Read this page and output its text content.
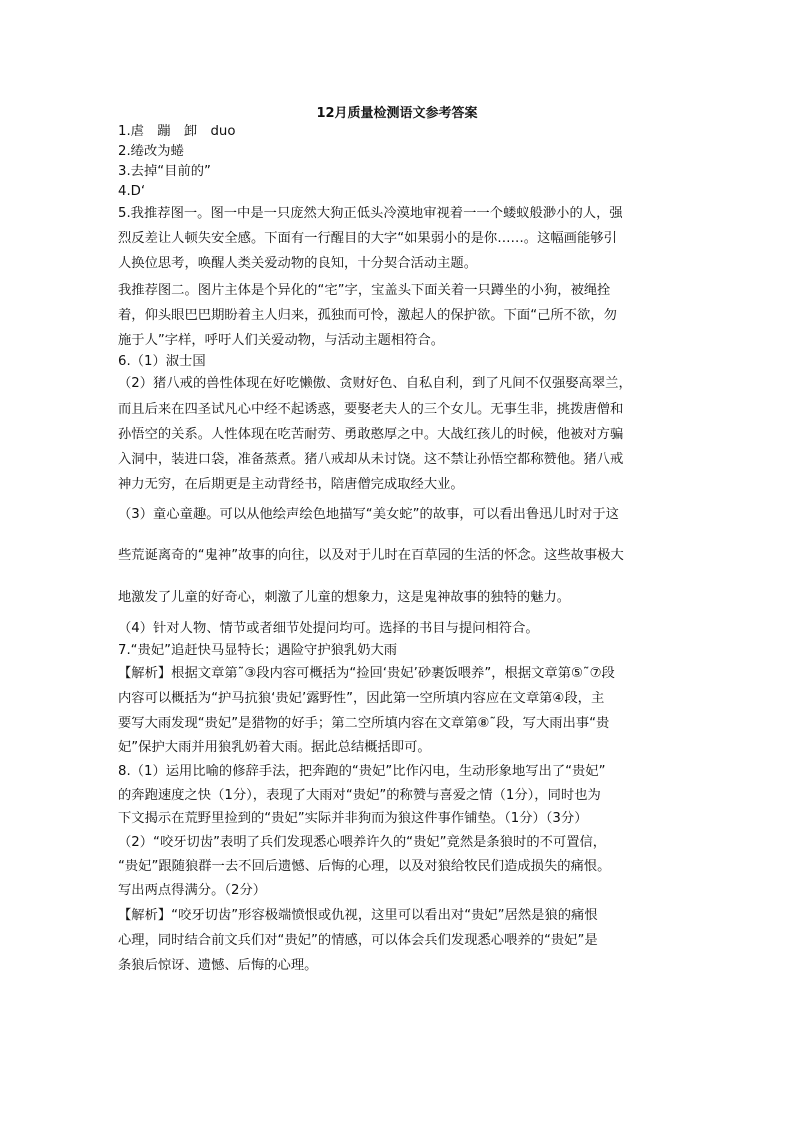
12月质量检测语文参考答案
1.虐　蹦　卸　duo
2.绻改为蜷
3.去掉“目前的”
4.D‘
5.我推荐图一。图一中是一只庞然大狗正低头冷漠地审视着一一个蝼蚁般渺小的人，强
烈反差让人顿失安全感。下面有一行醒目的大字“如果弱小的是你……。这幅画能够引
人换位思考，唤醒人类关爱动物的良知，十分契合活动主题。
我推荐图二。图片主体是个异化的“宅”字，宝盖头下面关着一只蹲坐的小狗，被绳拴
着，仰头眼巴巴期盼着主人归来，孤独而可怜，激起人的保护欲。下面“己所不欲，勿
施于人”字样，呼吁人们关爱动物，与活动主题相符合。
6.（1）淑士国
（2）猪八戒的兽性体现在好吃懒傲、贪财好色、自私自利，到了凡间不仅强娶高翠兰，
而且后来在四圣试凡心中经不起诱惑，要娶老夫人的三个女儿。无事生非，挑拨唐僧和
孙悟空的关系。人性体现在吃苦耐劳、勇敢憨厚之中。大战红孩儿的时候，他被对方骗
入洞中，装进口袋，准备蒸煮。猪八戒却从未讨饶。这不禁让孙悟空都称赞他。猪八戒
神力无穷，在后期更是主动背经书，陪唐僧完成取经大业。
（3）童心童趣。可以从他绘声绘色地描写“美女蛇”的故事，可以看出鲁迅儿时对于这
些荒诞离奇的“鬼神”故事的向往，以及对于儿时在百草园的生活的怀念。这些故事极大
地激发了儿童的好奇心，刺激了儿童的想象力，这是鬼神故事的独特的魅力。
（4）针对人物、情节或者细节处提问均可。选择的书目与提问相符合。
7.“贵妃”追赶快马显特长；遇险守护狼乳奶大雨
【解析】根据文章第˜③段内容可概括为“捡回‘贵妃’砂裹饭喂养”，根据文章第⑤˜⑦段
内容可以概括为“护马抗狼‘贵妃’露野性”，因此第一空所填内容应在文章第④段，主
要写大雨发现“贵妃”是猎物的好手；第二空所填内容在文章第⑧˜段，写大雨出事“贵
妃”保护大雨并用狼乳奶着大雨。据此总结概括即可。
8.（1）运用比喻的修辞手法，把奔跑的“贵妃”比作闪电，生动形象地写出了“贵妃”
的奔跑速度之快（1分），表现了大雨对“贵妃”的称赞与喜爱之情（1分），同时也为
下文揭示在荒野里捡到的“贵妃”实际并非狗而为狼这件事作铺垫。（1分）（3分）
（2）“咬牙切齿”表明了兵们发现悉心喂养许久的“贵妃”竟然是条狼时的不可置信，
“贵妃”跟随狼群一去不回后遗憾、后悔的心理，以及对狼给牧民们造成损失的痛恨。
写出两点得满分。（2分）
【解析】“咬牙切齿”形容极端愤恨或仇视，这里可以看出对“贵妃”居然是狼的痛恨
心理，同时结合前文兵们对“贵妃”的情感，可以体会兵们发现悉心喂养的“贵妃”是
条狼后惊讶、遗憾、后悔的心理。
